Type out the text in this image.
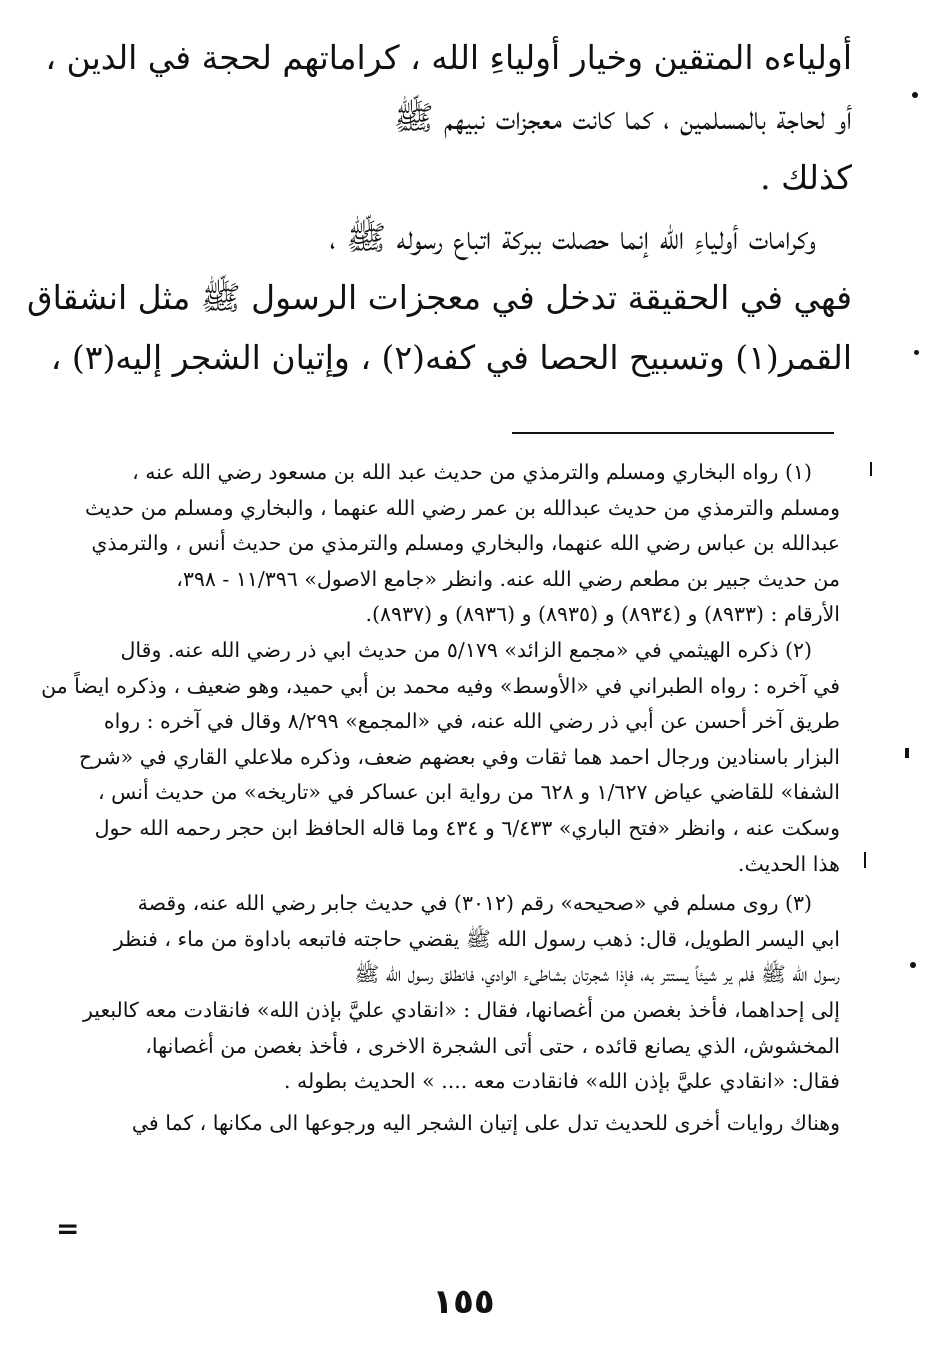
أولياءه المتقين وخيار أولياءِ الله ، كراماتهم لحجة في الدين ،
أو لحاجة بالمسلمين ، كما كانت معجزات نبيهم ﷺ
كذلك .
وكرامات أولياءِ الله إنما حصلت ببركة اتباع رسوله ﷺ ،
فهي في الحقيقة تدخل في معجزات الرسول ﷺ مثل انشقاق
القمر(١) وتسبيح الحصا في كفه(٢) ، وإتيان الشجر إليه(٣) ،
(١) رواه البخاري ومسلم والترمذي من حديث عبد الله بن مسعود رضي الله عنه ،
ومسلم والترمذي من حديث عبدالله بن عمر رضي الله عنهما ، والبخاري ومسلم من حديث
عبدالله بن عباس رضي الله عنهما، والبخاري ومسلم والترمذي من حديث أنس ، والترمذي
من حديث جبير بن مطعم رضي الله عنه. وانظر «جامع الاصول» ١١/٣٩٦ - ٣٩٨،
الأرقام : (٨٩٣٣) و (٨٩٣٤) و (٨٩٣٥) و (٨٩٣٦) و (٨٩٣٧).
(٢) ذكره الهيثمي في «مجمع الزائد» ٥/١٧٩ من حديث ابي ذر رضي الله عنه. وقال
في آخره : رواه الطبراني في «الأوسط» وفيه محمد بن أبي حميد، وهو ضعيف ، وذكره ايضاً من
طريق آخر أحسن عن أبي ذر رضي الله عنه، في «المجمع» ٨/٢٩٩ وقال في آخره : رواه
البزار باسنادين ورجال احمد هما ثقات وفي بعضهم ضعف، وذكره ملاعلي القاري في «شرح
الشفا» للقاضي عياض ١/٦٢٧ و ٦٢٨ من رواية ابن عساكر في «تاريخه» من حديث أنس ،
وسكت عنه ، وانظر «فتح الباري» ٦/٤٣٣ و ٤٣٤ وما قاله الحافظ ابن حجر رحمه الله حول
هذا الحديث.
(٣) روى مسلم في «صحيحه» رقم (٣٠١٢) في حديث جابر رضي الله عنه، وقصة
ابي اليسر الطويل، قال: ذهب رسول الله ﷺ يقضي حاجته فاتبعه باداوة من ماء ، فنظر
رسول الله ﷺ فلم ير شيئاً يستتر به، فإذا شجرتان بشاطىء الوادي، فانطلق رسول الله ﷺ
إلى إحداهما، فأخذ بغصن من أغصانها، فقال : «انقادي عليَّ بإذن الله» فانقادت معه كالبعير
المخشوش، الذي يصانع قائده ، حتى أتى الشجرة الاخرى ، فأخذ بغصن من أغصانها،
فقال: «انقادي عليَّ بإذن الله» فانقادت معه .... » الحديث بطوله .
وهناك روايات أخرى للحديث تدل على إتيان الشجر اليه ورجوعها الى مكانها ، كما في
=
١٥٥
